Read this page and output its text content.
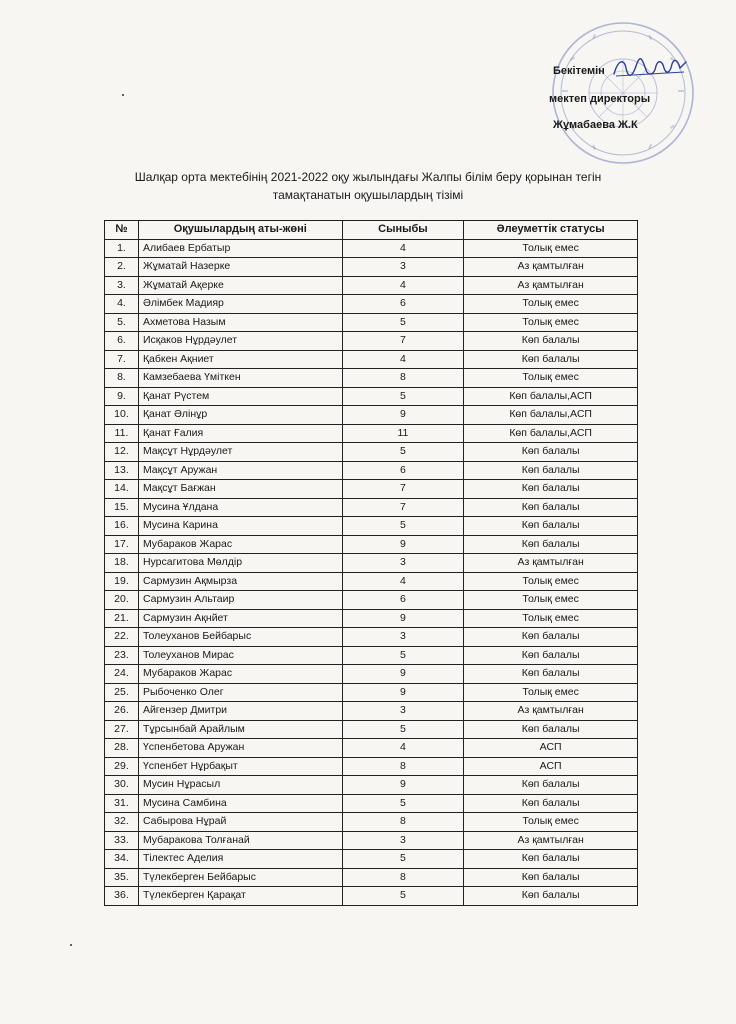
Бекітемін
мектеп директоры
Жұмабаева Ж.К
Шалқар орта мектебінің 2021-2022 оқу жылындағы Жалпы білім беру қорынан тегін
тамақтанатын оқушылардың тізімі
№	Оқушылардың аты-жөні	Сыныбы	Әлеуметтік статусы
1.	Алибаев Ербатыр	4	Толық емес
2.	Жұматай Назерке	3	Аз қамтылған
3.	Жұматай Ақерке	4	Аз қамтылған
4.	Әлімбек Мадияр	6	Толық емес
5.	Ахметова Назым	5	Толық емес
6.	Исқаков Нұрдәулет	7	Көп балалы
7.	Қабкен Ақниет	4	Көп балалы
8.	Камзебаева Үміткен	8	Толық емес
9.	Қанат Рүстем	5	Көп балалы,АСП
10.	Қанат Әлінұр	9	Көп балалы,АСП
11.	Қанат Ғалия	11	Көп балалы,АСП
12.	Мақсұт Нұрдәулет	5	Көп балалы
13.	Мақсұт Аружан	6	Көп балалы
14.	Мақсұт Бағжан	7	Көп балалы
15.	Мусина Ұлдана	7	Көп балалы
16.	Мусина Карина	5	Көп балалы
17.	Мубараков Жарас	9	Көп балалы
18.	Нурсагитова Мөлдір	3	Аз қамтылған
19.	Сармузин Ақмырза	4	Толық емес
20.	Сармузин Альтаир	6	Толық емес
21.	Сармузин Ақнйет	9	Толық емес
22.	Толеуханов Бейбарыс	3	Көп балалы
23.	Толеуханов Мирас	5	Көп балалы
24.	Мубараков Жарас	9	Көп балалы
25.	Рыбоченко Олег	9	Толық емес
26.	Айгензер Дмитри	3	Аз қамтылған
27.	Тұрсынбай Арайлым	5	Көп балалы
28.	Үспенбетова Аружан	4	АСП
29.	Үспенбет Нұрбақыт	8	АСП
30.	Мусин Нұрасыл	9	Көп балалы
31.	Мусина Самбина	5	Көп балалы
32.	Сабырова Нұрай	8	Толық емес
33.	Мубаракова Толғанай	3	Аз қамтылған
34.	Тілектес Аделия	5	Көп балалы
35.	Түлекберген Бейбарыс	8	Көп балалы
36.	Түлекберген Қарақат	5	Көп балалы
